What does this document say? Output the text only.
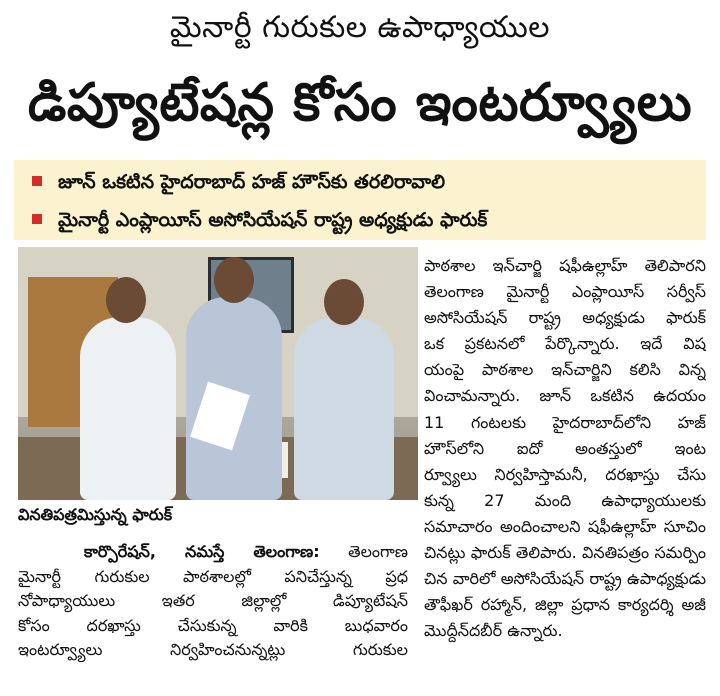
మైనార్టీ గురుకుల ఉపాధ్యాయుల
డిప్యూటేషన్ల కోసం ఇంటర్వ్యూలు
జూన్ ఒకటిన హైదరాబాద్ హజ్ హౌస్‌కు తరలిరావాలి
మైనార్టీ ఎంప్లాయీస్ అసోసియేషన్ రాష్ట్ర అధ్యక్షుడు ఫారుక్
వినతిపత్రమిస్తున్న ఫారుక్
కార్పొరేషన్, నమస్తే తెలంగాణ: తెలంగాణ
మైనార్టీ గురుకుల పాఠశాలల్లో పనిచేస్తున్న ప్రధ
నోపాధ్యాయులు ఇతర జిల్లాల్లో డిప్యూటేషన్
కోసం దరఖాస్తు చేసుకున్న వారికి బుధవారం
ఇంటర్వ్యూలు నిర్వహించనున్నట్లు గురుకుల
పాఠశాల ఇన్‌చార్జి షఫీఉల్లాహ్ తెలిపారని
తెలంగాణ మైనార్టీ ఎంప్లాయీస్ సర్వీస్
అసోసియేషన్ రాష్ట్ర అధ్యక్షుడు ఫారుక్
ఒక ప్రకటనలో పేర్కొన్నారు. ఇదే విష
యంపై పాఠశాల ఇన్‌చార్జిని కలిసి విన్న
వించామన్నారు. జూన్ ఒకటిన ఉదయం
11 గంటలకు హైదరాబాద్‌లోని హజ్
హౌస్‌లోని ఐదో అంతస్తులో ఇంట
ర్వ్యూలు నిర్వహిస్తామనీ, దరఖాస్తు చేసు
కున్న 27 మంది ఉపాధ్యాయులకు
సమాచారం అందించాలని షఫీఉల్లాహ్ సూచిం
చినట్లు ఫారుక్ తెలిపారు. వినతిపత్రం సమర్పిం
చిన వారిలో అసోసియేషన్ రాష్ట్ర ఉపాధ్యక్షుడు
తౌఫీఖర్ రహ్మాన్, జిల్లా ప్రధాన కార్యదర్శి అజీ
మొద్దీన్‌దబీర్ ఉన్నారు.
